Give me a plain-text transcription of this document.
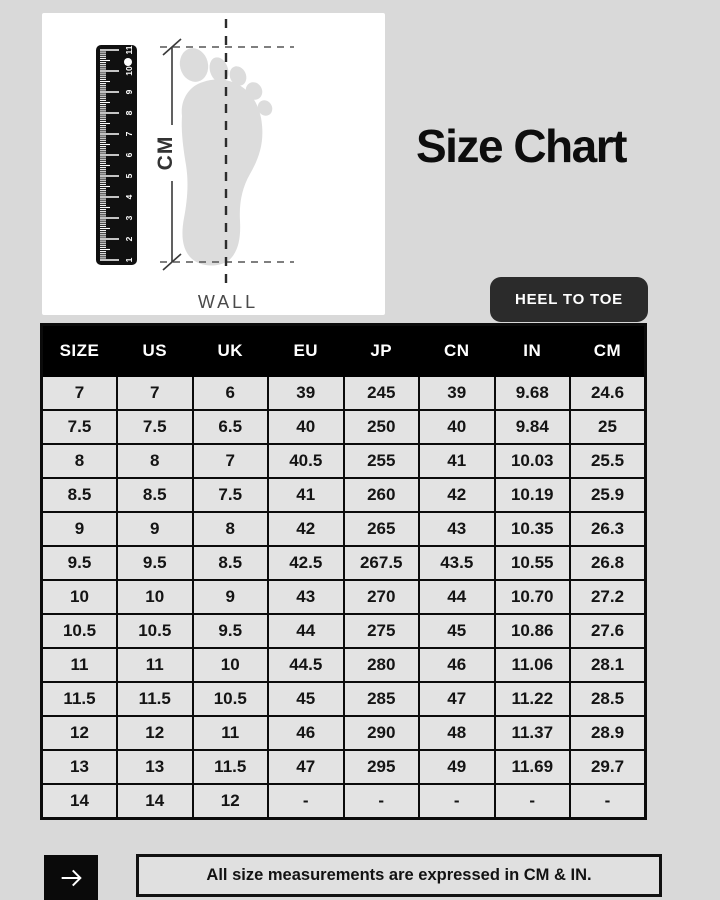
1
2
3
4
5
6
7
8
9
10
11
CM
WALL
Size Chart
HEEL TO TOE
SIZE	US	UK	EU	JP	CN	IN	CM
7	7	6	39	245	39	9.68	24.6
7.5	7.5	6.5	40	250	40	9.84	25
8	8	7	40.5	255	41	10.03	25.5
8.5	8.5	7.5	41	260	42	10.19	25.9
9	9	8	42	265	43	10.35	26.3
9.5	9.5	8.5	42.5	267.5	43.5	10.55	26.8
10	10	9	43	270	44	10.70	27.2
10.5	10.5	9.5	44	275	45	10.86	27.6
11	11	10	44.5	280	46	11.06	28.1
11.5	11.5	10.5	45	285	47	11.22	28.5
12	12	11	46	290	48	11.37	28.9
13	13	11.5	47	295	49	11.69	29.7
14	14	12	-	-	-	-	-
All size measurements are expressed in CM & IN.
